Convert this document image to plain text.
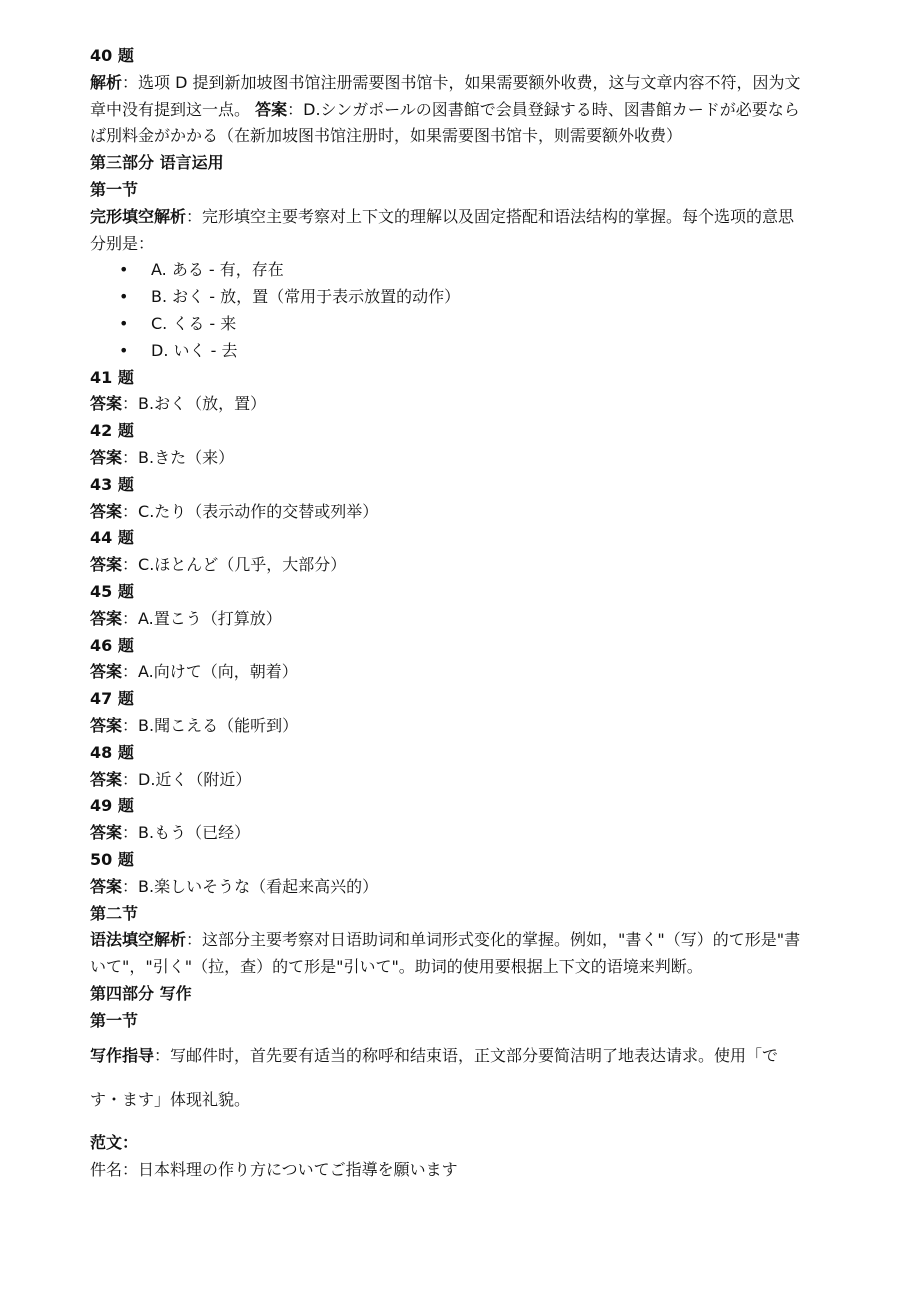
40 题

解析：选项 D 提到新加坡图书馆注册需要图书馆卡，如果需要额外收费，这与文章内容不符，因为文章中没有提到这一点。 答案：D.シンガポールの図書館で会員登録する時、図書館カードが必要ならば別料金がかかる（在新加坡图书馆注册时，如果需要图书馆卡，则需要额外收费）

第三部分 语言运用

第一节

完形填空解析：完形填空主要考察对上下文的理解以及固定搭配和语法结构的掌握。每个选项的意思分别是：

• A. ある - 有，存在
• B. おく - 放，置（常用于表示放置的动作）
• C. くる - 来
• D. いく - 去

41 题

答案：B.おく（放，置）

42 题

答案：B.きた（来）

43 题

答案：C.たり（表示动作的交替或列举）

44 题

答案：C.ほとんど（几乎，大部分）

45 题

答案：A.置こう（打算放）

46 题

答案：A.向けて（向，朝着）

47 题

答案：B.聞こえる（能听到）

48 题

答案：D.近く（附近）

49 题

答案：B.もう（已经）

50 题

答案：B.楽しいそうな（看起来高兴的）

第二节

语法填空解析：这部分主要考察对日语助词和单词形式变化的掌握。例如，"書く"（写）的て形是"書いて"，"引く"（拉，查）的て形是"引いて"。助词的使用要根据上下文的语境来判断。

第四部分 写作

第一节

写作指导：写邮件时，首先要有适当的称呼和结束语，正文部分要简洁明了地表达请求。使用「です・ます」体现礼貌。

范文：

件名：日本料理の作り方についてご指導を願います
